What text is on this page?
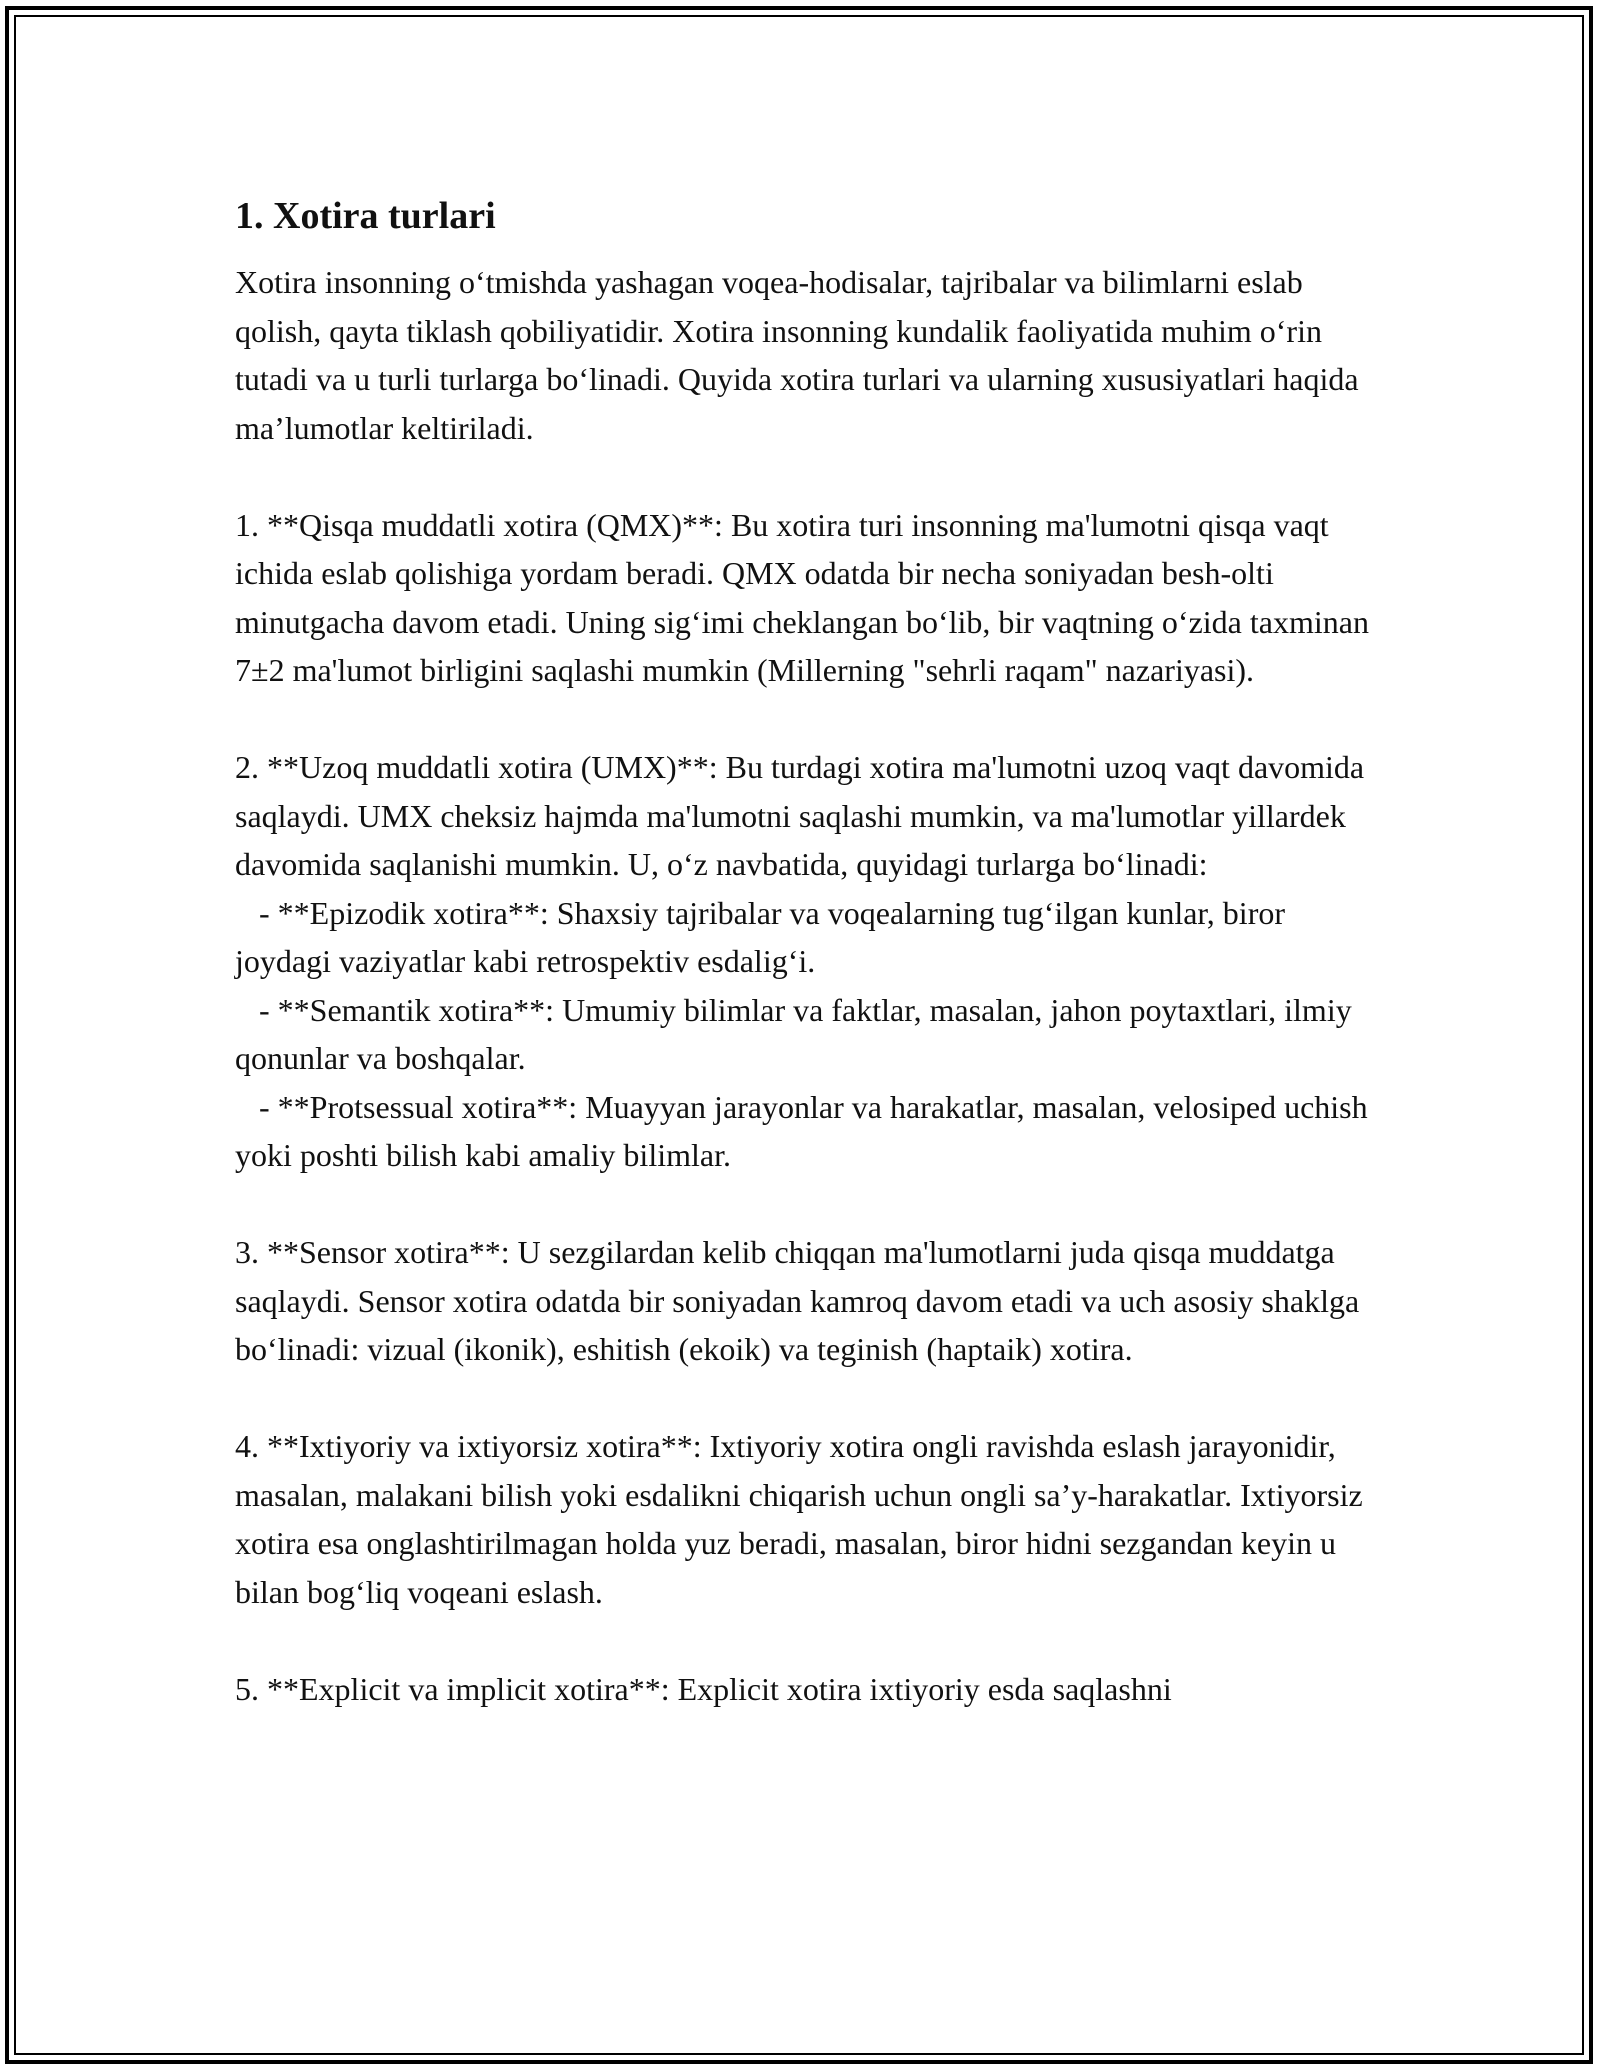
1. Xotira turlari

Xotira insonning o‘tmishda yashagan voqea-hodisalar, tajribalar va bilimlarni eslab qolish, qayta tiklash qobiliyatidir. Xotira insonning kundalik faoliyatida muhim o‘rin tutadi va u turli turlarga bo‘linadi. Quyida xotira turlari va ularning xususiyatlari haqida ma’lumotlar keltiriladi.

1. **Qisqa muddatli xotira (QMX)**: Bu xotira turi insonning ma'lumotni qisqa vaqt ichida eslab qolishiga yordam beradi. QMX odatda bir necha soniyadan besh-olti minutgacha davom etadi. Uning sig‘imi cheklangan bo‘lib, bir vaqtning o‘zida taxminan 7±2 ma'lumot birligini saqlashi mumkin (Millerning "sehrli raqam" nazariyasi).

2. **Uzoq muddatli xotira (UMX)**: Bu turdagi xotira ma'lumotni uzoq vaqt davomida saqlaydi. UMX cheksiz hajmda ma'lumotni saqlashi mumkin, va ma'lumotlar yillardek davomida saqlanishi mumkin. U, o‘z navbatida, quyidagi turlarga bo‘linadi:

- **Epizodik xotira**: Shaxsiy tajribalar va voqealarning tug‘ilgan kunlar, biror joydagi vaziyatlar kabi retrospektiv esdalig‘i.

- **Semantik xotira**: Umumiy bilimlar va faktlar, masalan, jahon poytaxtlari, ilmiy qonunlar va boshqalar.

- **Protsessual xotira**: Muayyan jarayonlar va harakatlar, masalan, velosiped uchish yoki poshti bilish kabi amaliy bilimlar.

3. **Sensor xotira**: U sezgilardan kelib chiqqan ma'lumotlarni juda qisqa muddatga saqlaydi. Sensor xotira odatda bir soniyadan kamroq davom etadi va uch asosiy shaklga bo‘linadi: vizual (ikonik), eshitish (ekoik) va teginish (haptaik) xotira.

4. **Ixtiyoriy va ixtiyorsiz xotira**: Ixtiyoriy xotira ongli ravishda eslash jarayonidir, masalan, malakani bilish yoki esdalikni chiqarish uchun ongli sa’y-harakatlar. Ixtiyorsiz xotira esa onglashtirilmagan holda yuz beradi, masalan, biror hidni sezgandan keyin u bilan bog‘liq voqeani eslash.

5. **Explicit va implicit xotira**: Explicit xotira ixtiyoriy esda saqlashni
